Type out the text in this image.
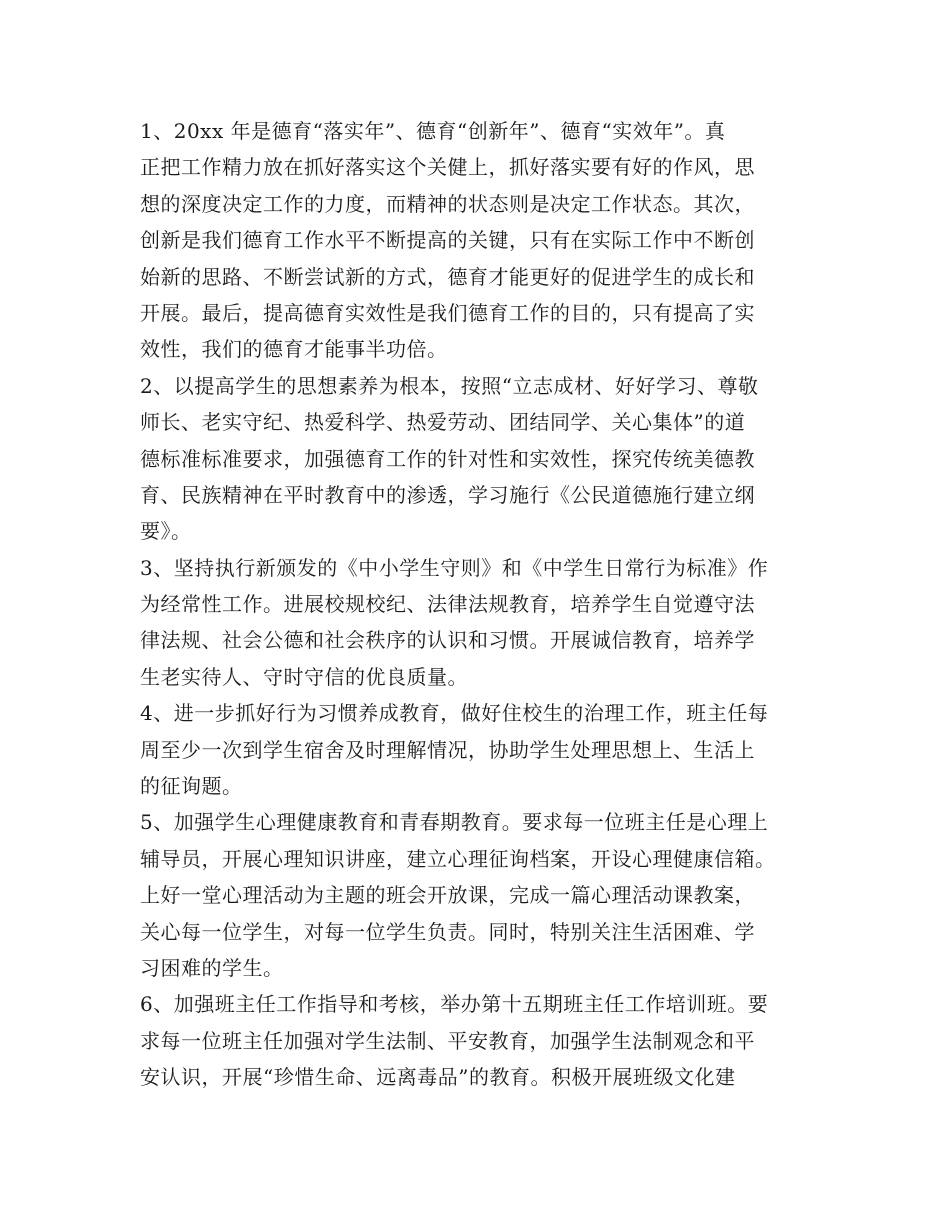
1、20xx 年是德育“落实年”、德育“创新年”、德育“实效年”。真
正把工作精力放在抓好落实这个关健上，抓好落实要有好的作风，思
想的深度决定工作的力度，而精神的状态则是决定工作状态。其次，
创新是我们德育工作水平不断提高的关键，只有在实际工作中不断创
始新的思路、不断尝试新的方式，德育才能更好的促进学生的成长和
开展。最后，提高德育实效性是我们德育工作的目的，只有提高了实
效性，我们的德育才能事半功倍。
2、以提高学生的思想素养为根本，按照“立志成材、好好学习、尊敬
师长、老实守纪、热爱科学、热爱劳动、团结同学、关心集体”的道
德标准标准要求，加强德育工作的针对性和实效性，探究传统美德教
育、民族精神在平时教育中的渗透，学习施行《公民道德施行建立纲
要》。
3、坚持执行新颁发的《中小学生守则》和《中学生日常行为标准》作
为经常性工作。进展校规校纪、法律法规教育，培养学生自觉遵守法
律法规、社会公德和社会秩序的认识和习惯。开展诚信教育，培养学
生老实待人、守时守信的优良质量。
4、进一步抓好行为习惯养成教育，做好住校生的治理工作，班主任每
周至少一次到学生宿舍及时理解情况，协助学生处理思想上、生活上
的征询题。
5、加强学生心理健康教育和青春期教育。要求每一位班主任是心理上
辅导员，开展心理知识讲座，建立心理征询档案，开设心理健康信箱。
上好一堂心理活动为主题的班会开放课，完成一篇心理活动课教案，
关心每一位学生，对每一位学生负责。同时，特别关注生活困难、学
习困难的学生。
6、加强班主任工作指导和考核，举办第十五期班主任工作培训班。要
求每一位班主任加强对学生法制、平安教育，加强学生法制观念和平
安认识，开展“珍惜生命、远离毒品”的教育。积极开展班级文化建
